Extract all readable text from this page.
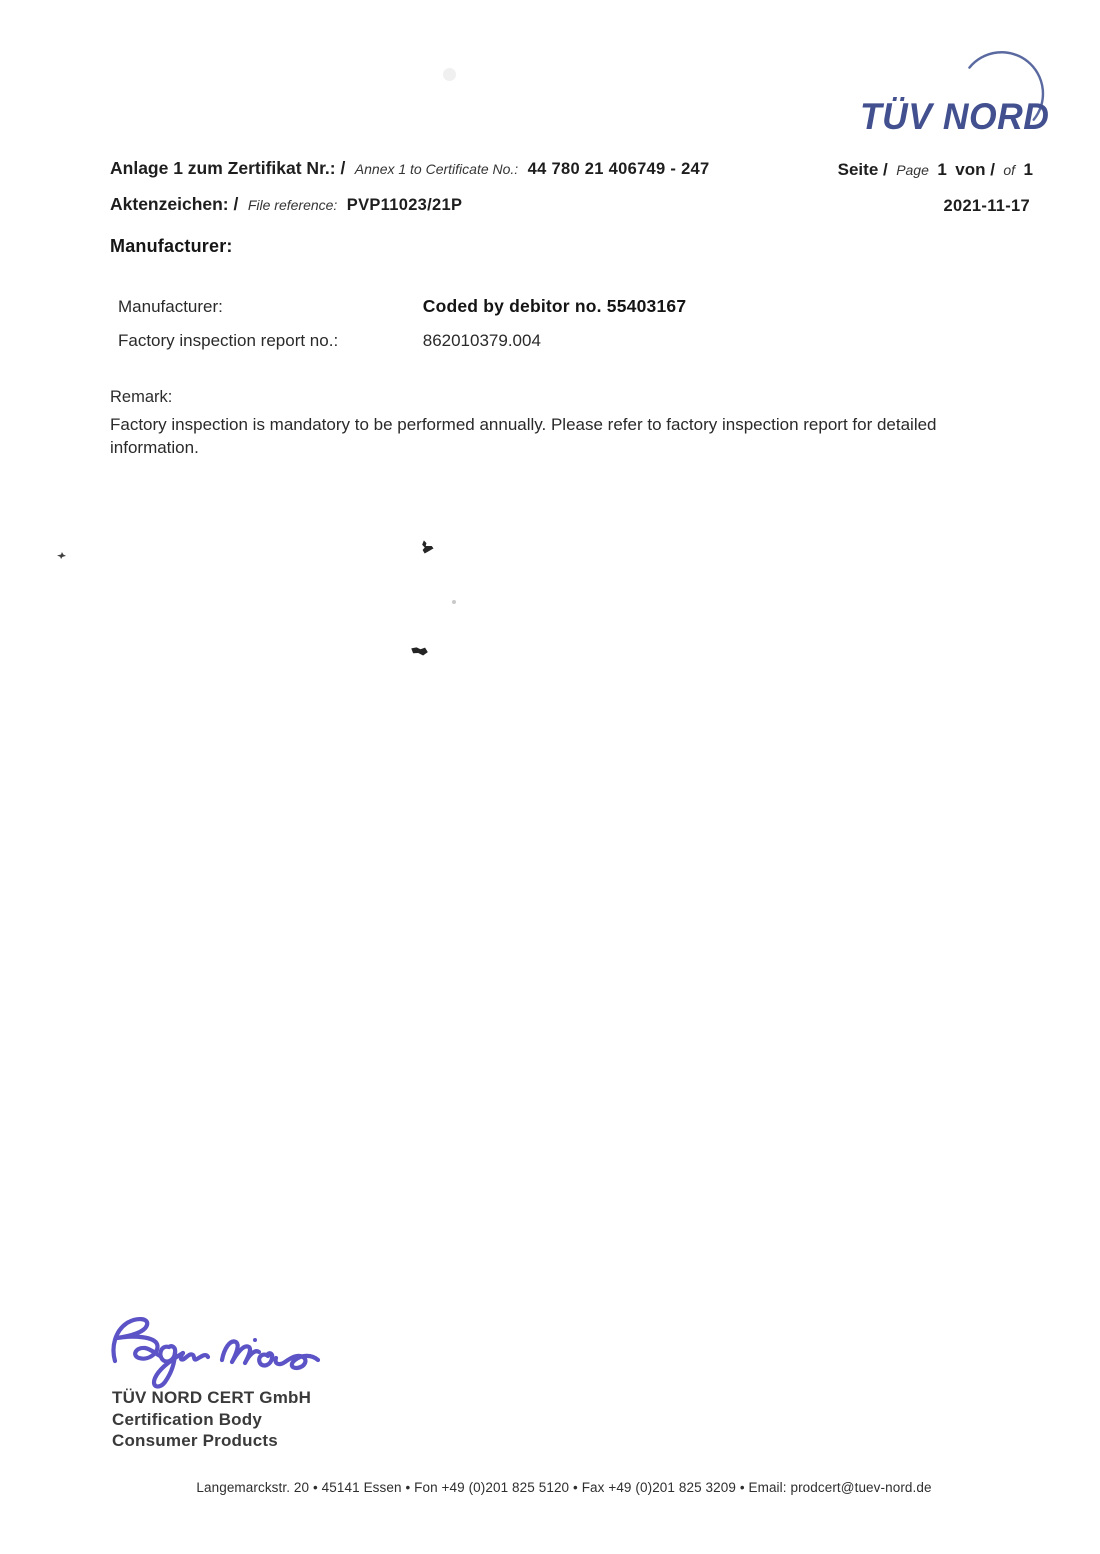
TÜV NORD
Anlage 1 zum Zertifikat Nr.: / Annex 1 to Certificate No.: 44 780 21 406749 - 247	Seite / Page 1 von / of 1
Aktenzeichen: / File reference: PVP11023/21P	2021-11-17
Manufacturer:
Manufacturer:	Coded by debitor no. 55403167
Factory inspection report no.:	862010379.004
Remark:
Factory inspection is mandatory to be performed annually. Please refer to factory inspection report for detailed information.
TÜV NORD CERT GmbH
Certification Body
Consumer Products
Langemarckstr. 20 • 45141 Essen • Fon +49 (0)201 825 5120 • Fax +49 (0)201 825 3209 • Email: prodcert@tuev-nord.de
